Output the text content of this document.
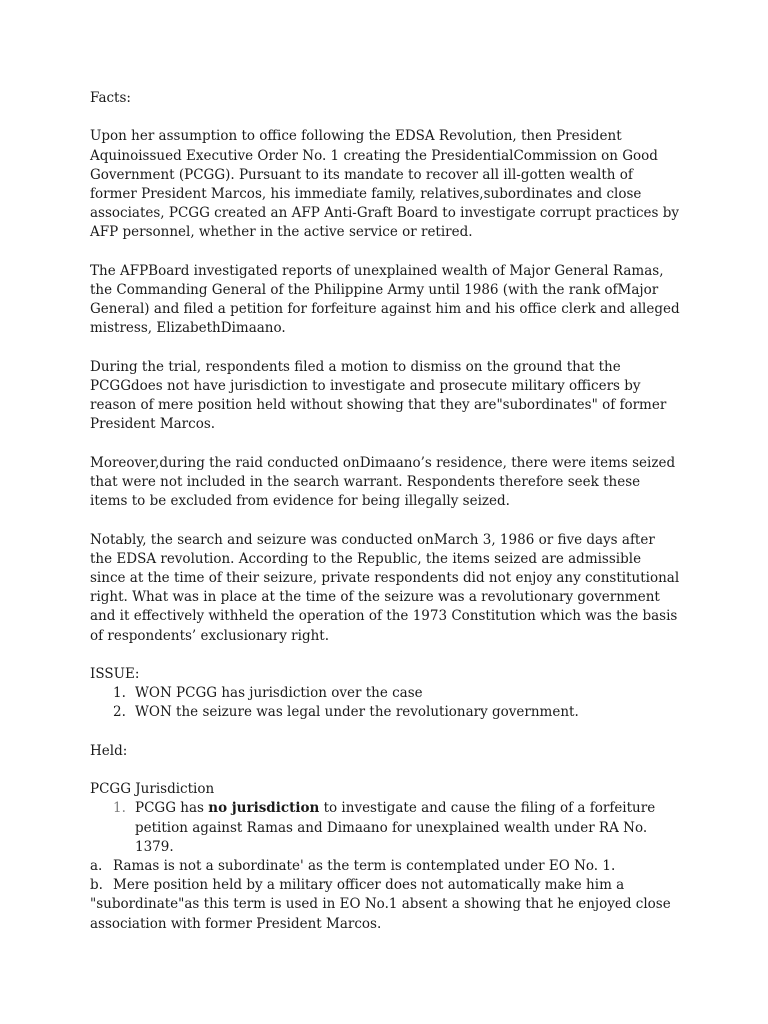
Facts:

Upon her assumption to office following the EDSA Revolution, then President Aquinoissued Executive Order No. 1 creating the PresidentialCommission on Good Government (PCGG). Pursuant to its mandate to recover all ill-gotten wealth of former President Marcos, his immediate family, relatives,subordinates and close associates, PCGG created an AFP Anti-Graft Board to investigate corrupt practices by AFP personnel, whether in the active service or retired.

The AFPBoard investigated reports of unexplained wealth of Major General Ramas, the Commanding General of the Philippine Army until 1986 (with the rank ofMajor General) and filed a petition for forfeiture against him and his office clerk and alleged mistress, ElizabethDimaano.

During the trial, respondents filed a motion to dismiss on the ground that the PCGGdoes not have jurisdiction to investigate and prosecute military officers by reason of mere position held without showing that they are"subordinates" of former President Marcos.

Moreover,during the raid conducted onDimaano’s residence, there were items seized that were not included in the search warrant. Respondents therefore seek these items to be excluded from evidence for being illegally seized.

Notably, the search and seizure was conducted onMarch 3, 1986 or five days after the EDSA revolution. According to the Republic, the items seized are admissible since at the time of their seizure, private respondents did not enjoy any constitutional right. What was in place at the time of the seizure was a revolutionary government and it effectively withheld the operation of the 1973 Constitution which was the basis of respondents’ exclusionary right.

ISSUE:

1. WON PCGG has jurisdiction over the case
2. WON the seizure was legal under the revolutionary government.

Held:

PCGG Jurisdiction

1. PCGG has no jurisdiction to investigate and cause the filing of a forfeiture
petition against Ramas and Dimaano for unexplained wealth under RA No. 1379.

a. Ramas is not a subordinate' as the term is contemplated under EO No. 1.

b. Mere position held by a military officer does not automatically make him a "subordinate"as this term is used in EO No.1 absent a showing that he enjoyed close association with former President Marcos.
